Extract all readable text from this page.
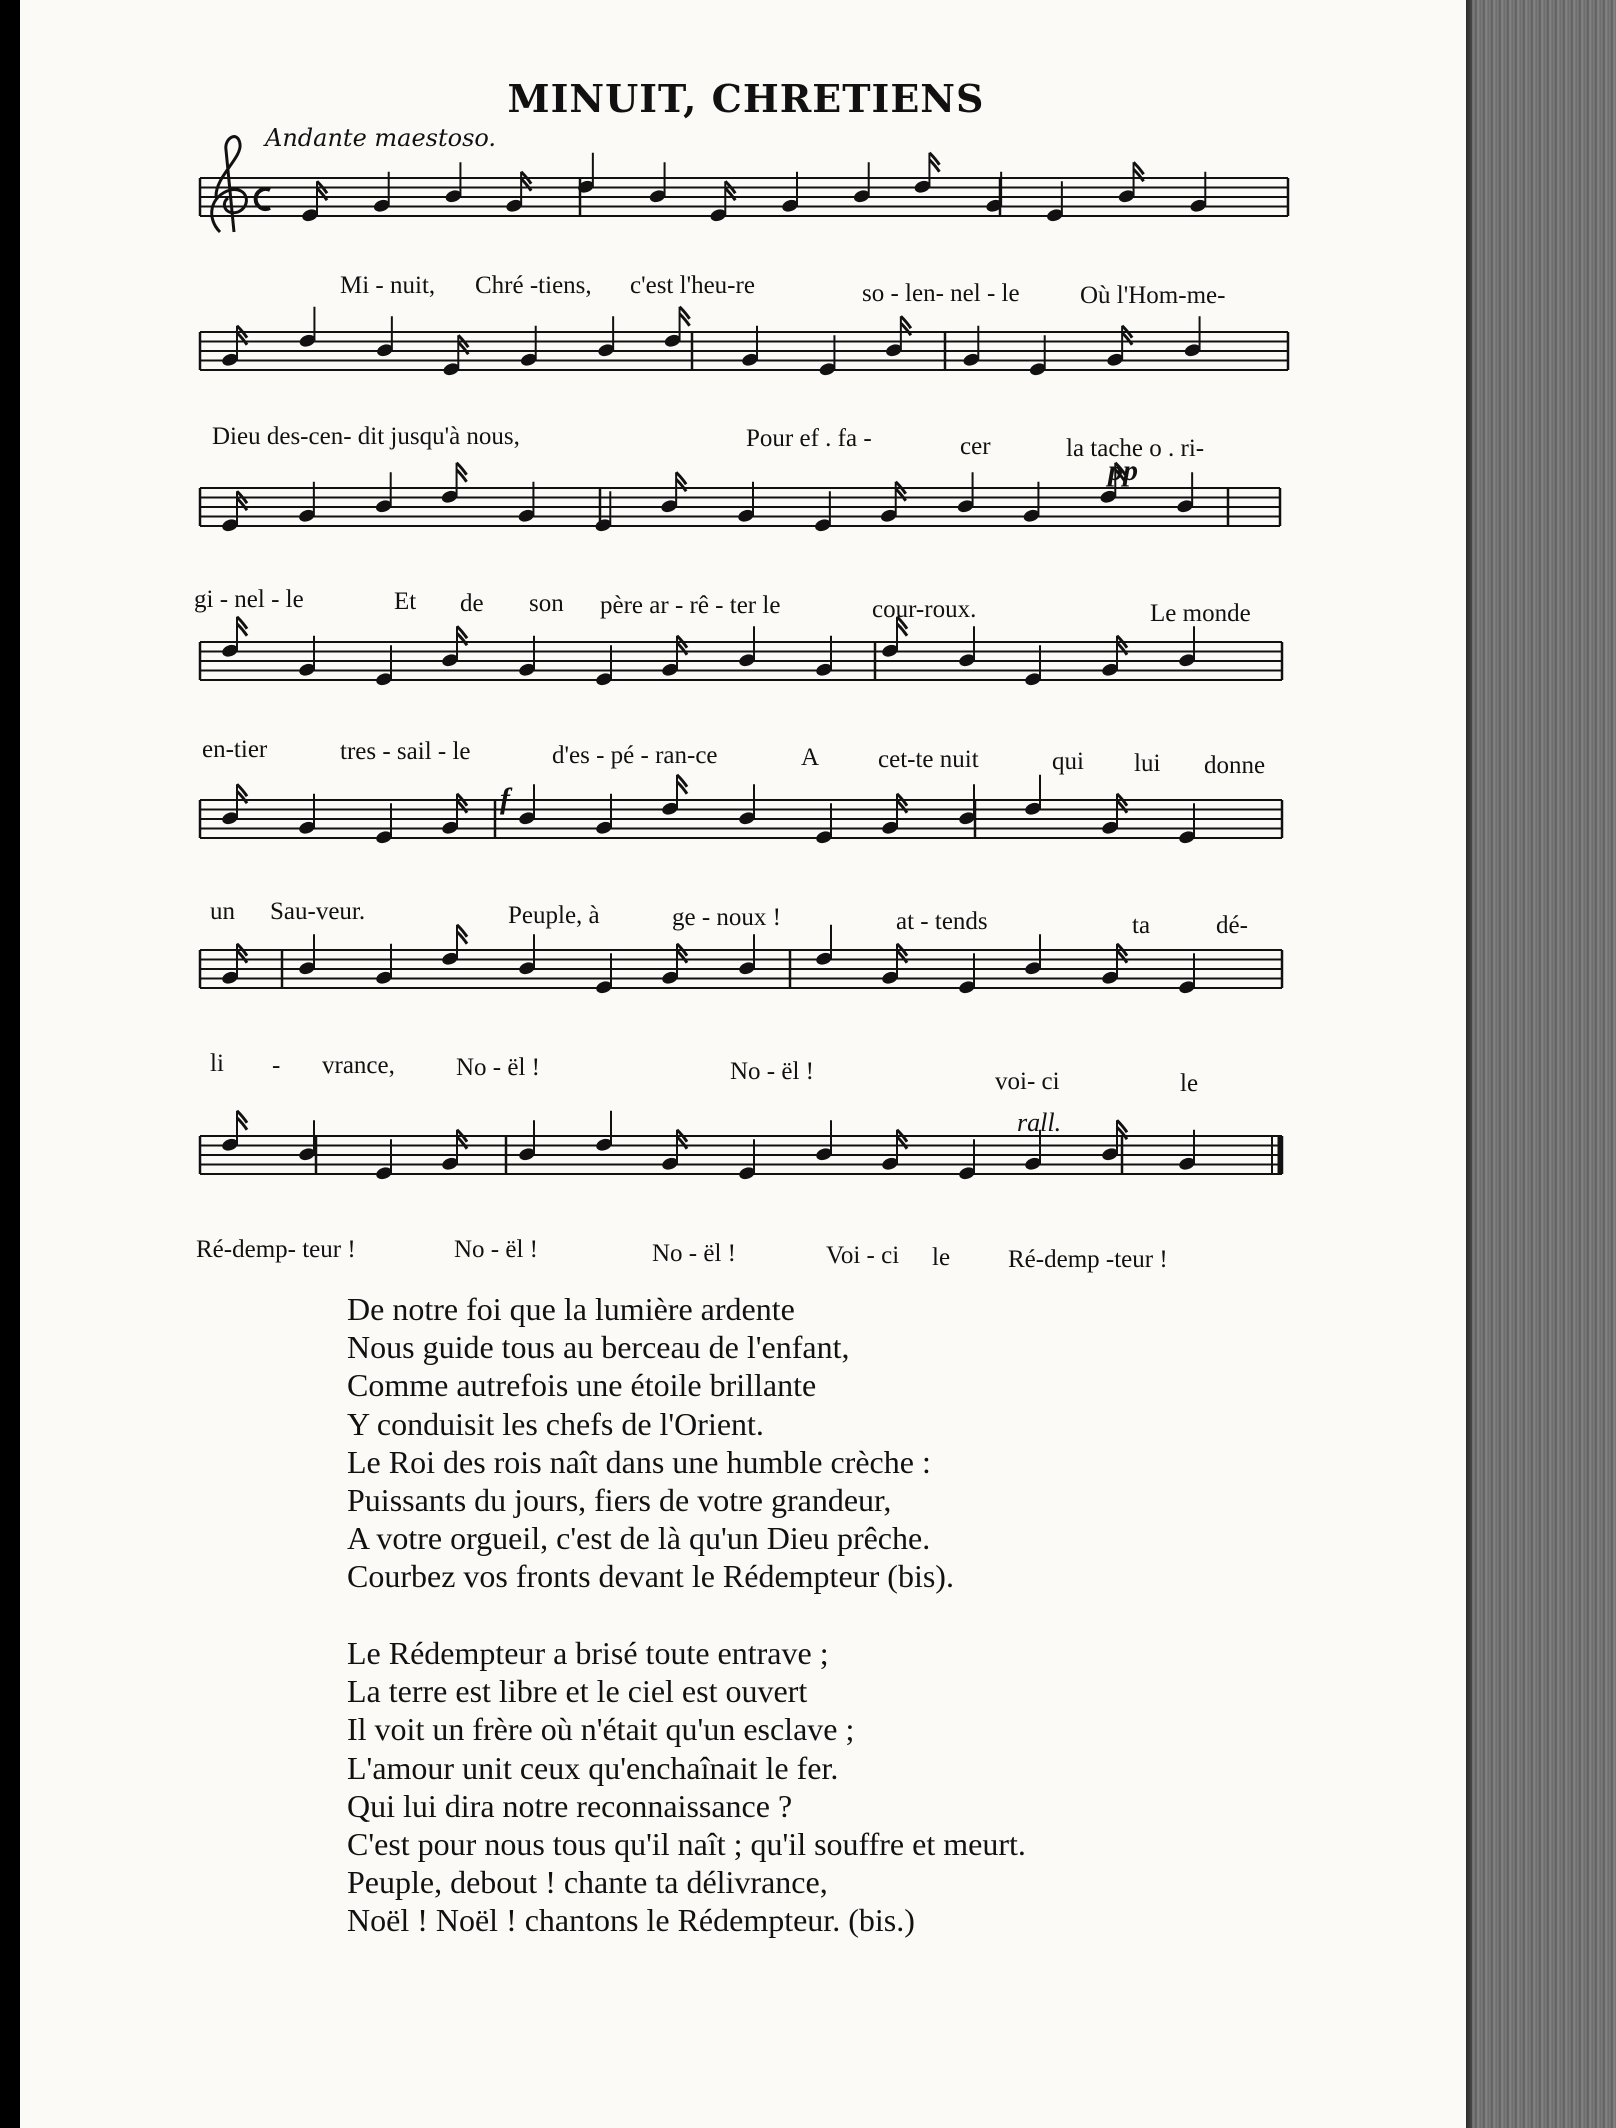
MINUIT, CHRETIENS
Andante maestoso.
pp
f
rall.
Mi - nuit, Chré -tiens, c'est l'heu-re	so - len- nel - le Où l'Hom-me-
Dieu des-cen- dit jusqu'à nous,	Pour ef . fa -	cer	la tache o . ri-
gi - nel - le	Et de son père ar - rê - ter le	cour-roux.	Le monde
en-tier	tres - sail - le	d'es - pé - ran-ce	A cet-te nuit	qui lui donne
un Sau-veur.	Peuple, à	ge - noux !	at - tends	ta	dé-
li - vrance, No - ël !	No - ël !	voi- ci	le
Ré-demp- teur !	No - ël !	No - ël !	Voi - ci le Ré-demp -teur !
De notre foi que la lumière ardente
Nous guide tous au berceau de l'enfant,
Comme autrefois une étoile brillante
Y conduisit les chefs de l'Orient.
Le Roi des rois naît dans une humble crèche :
Puissants du jours, fiers de votre grandeur,
A votre orgueil, c'est de là qu'un Dieu prêche.
Courbez vos fronts devant le Rédempteur (bis).
Le Rédempteur a brisé toute entrave ;
La terre est libre et le ciel est ouvert
Il voit un frère où n'était qu'un esclave ;
L'amour unit ceux qu'enchaînait le fer.
Qui lui dira notre reconnaissance ?
C'est pour nous tous qu'il naît ; qu'il souffre et meurt.
Peuple, debout ! chante ta délivrance,
Noël ! Noël ! chantons le Rédempteur. (bis.)
